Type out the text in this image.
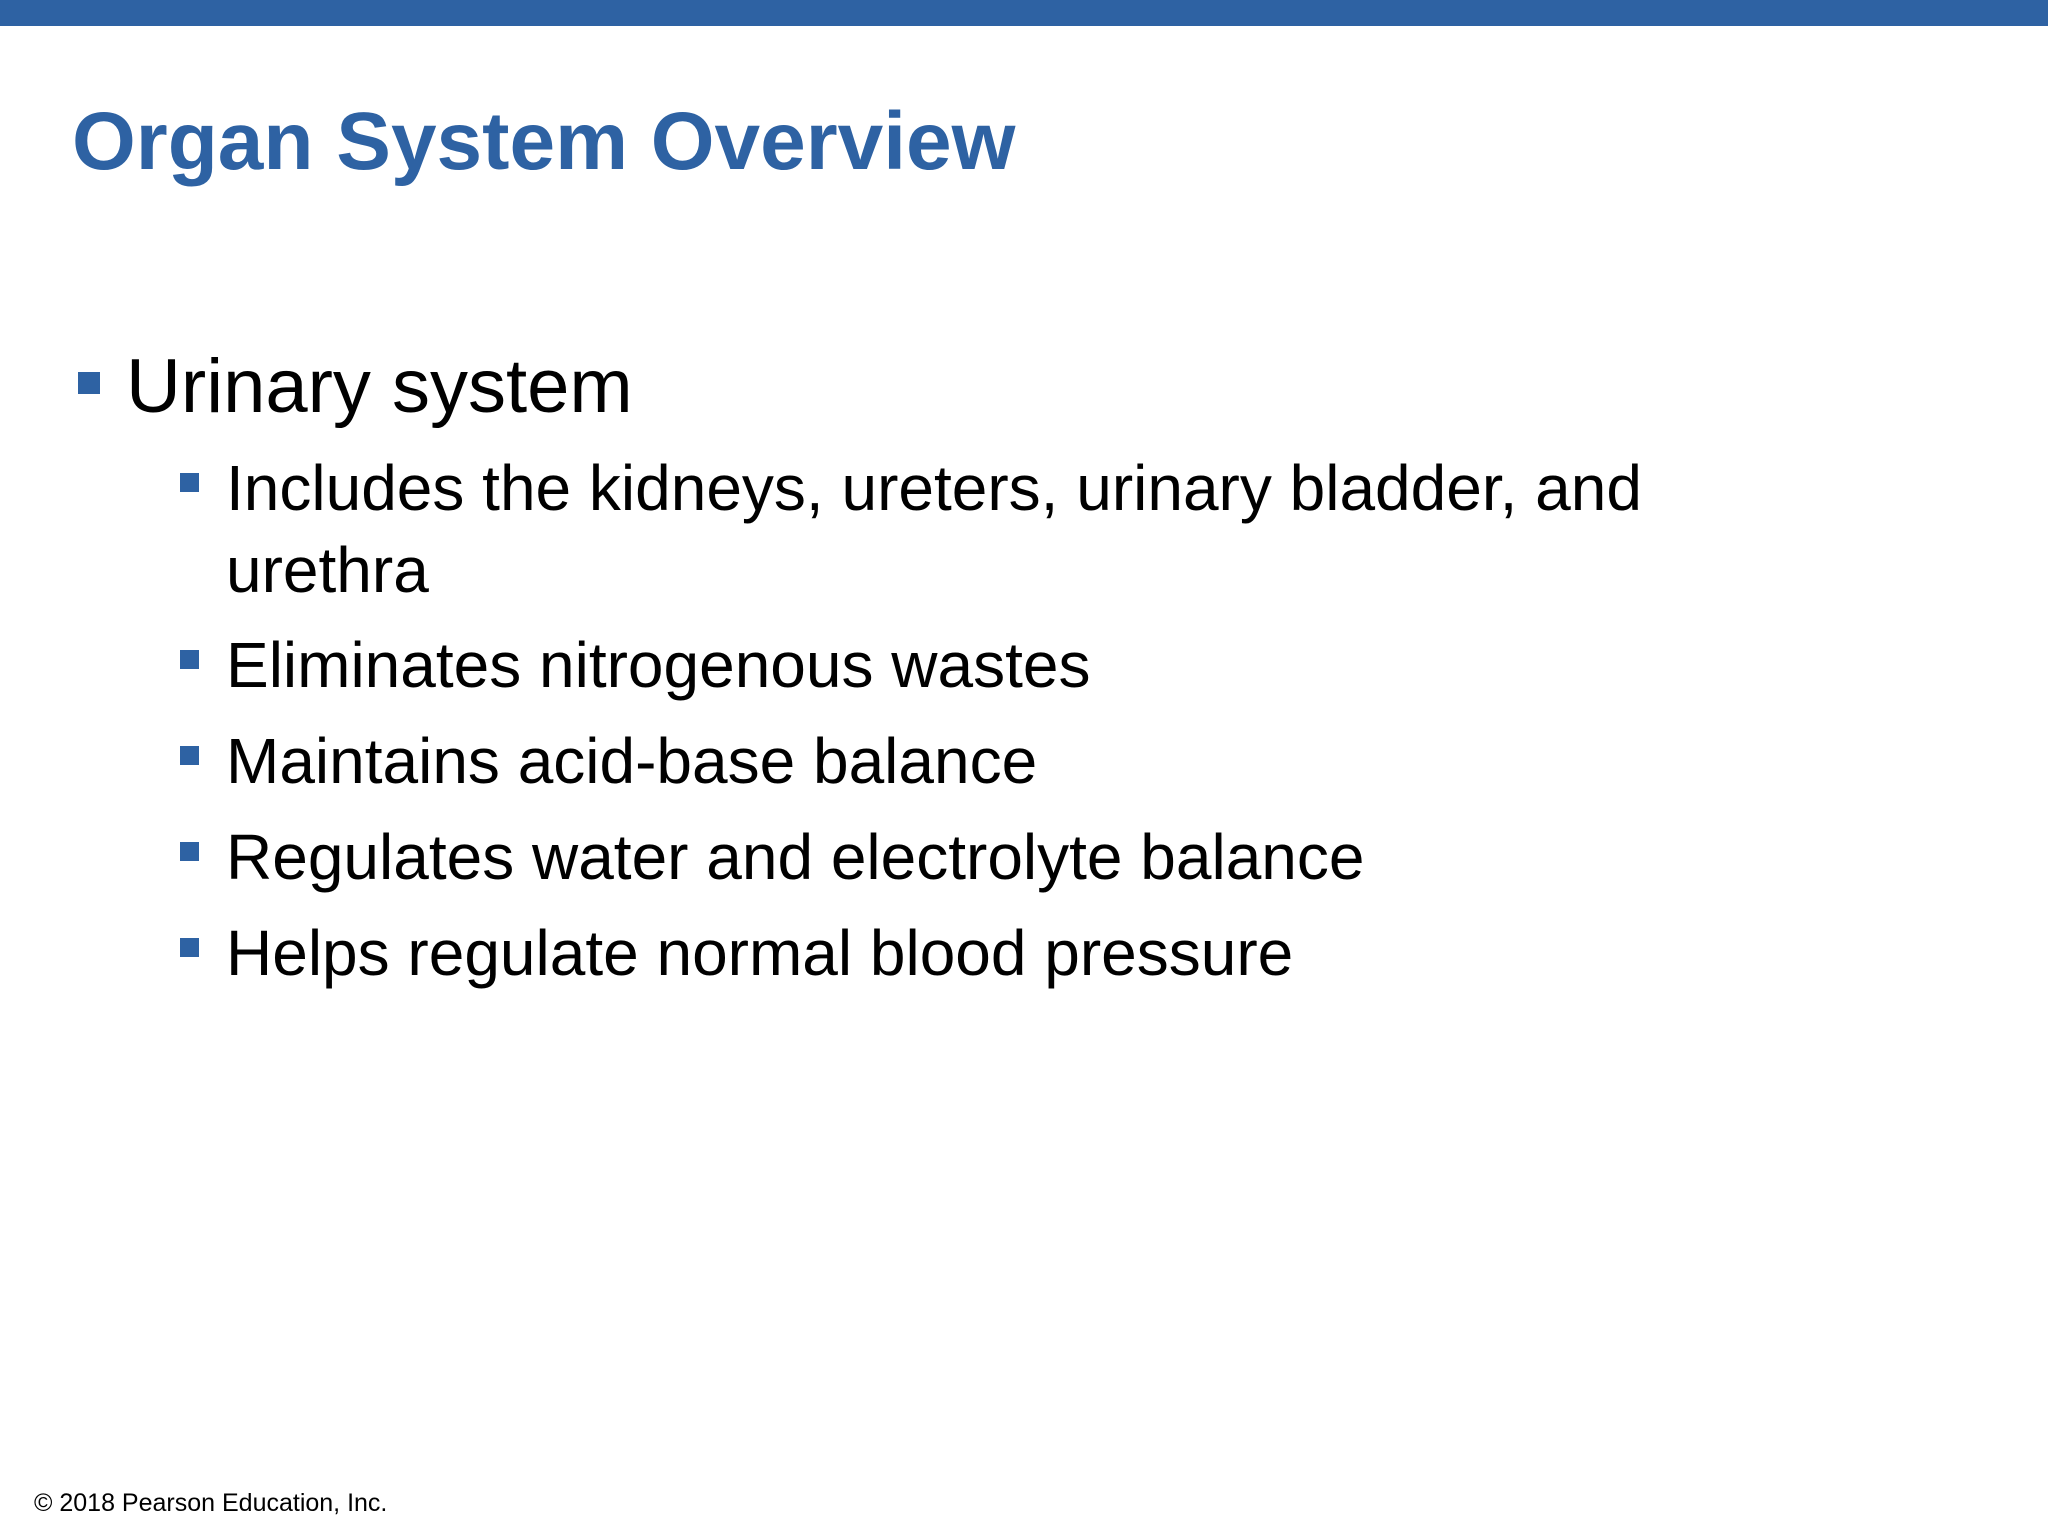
Organ System Overview
Urinary system
Includes the kidneys, ureters, urinary bladder, and urethra
Eliminates nitrogenous wastes
Maintains acid-base balance
Regulates water and electrolyte balance
Helps regulate normal blood pressure
© 2018 Pearson Education, Inc.
